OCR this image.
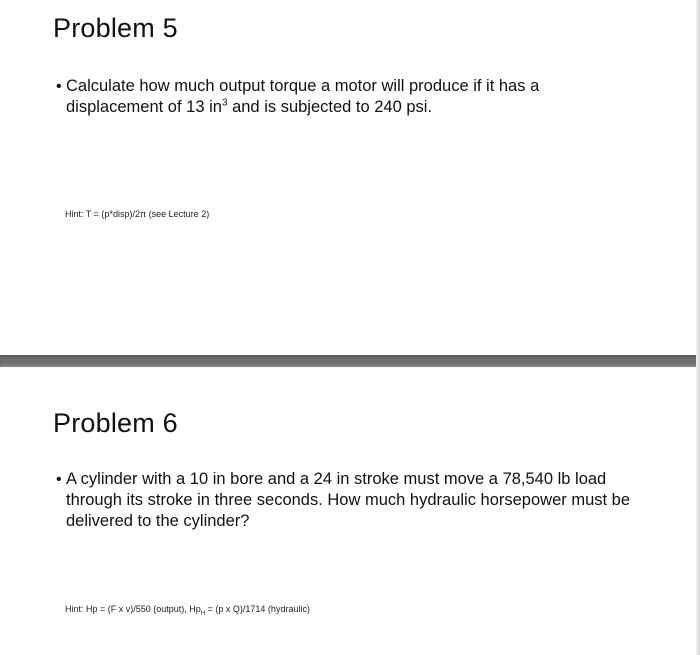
Problem 5
• Calculate how much output torque a motor will produce if it has a displacement of 13 $in^3$ and is subjected to 240 psi.
Hint: T = (p*disp)/2π (see Lecture 2)
Problem 6
• A cylinder with a 10 in bore and a 24 in stroke must move a 78,540 lb load through its stroke in three seconds. How much hydraulic horsepower must be delivered to the cylinder?
Hint: Hp = (F x v)/550 (output), $Hp_H = (p$ x Q)/1714 (hydraulic)
